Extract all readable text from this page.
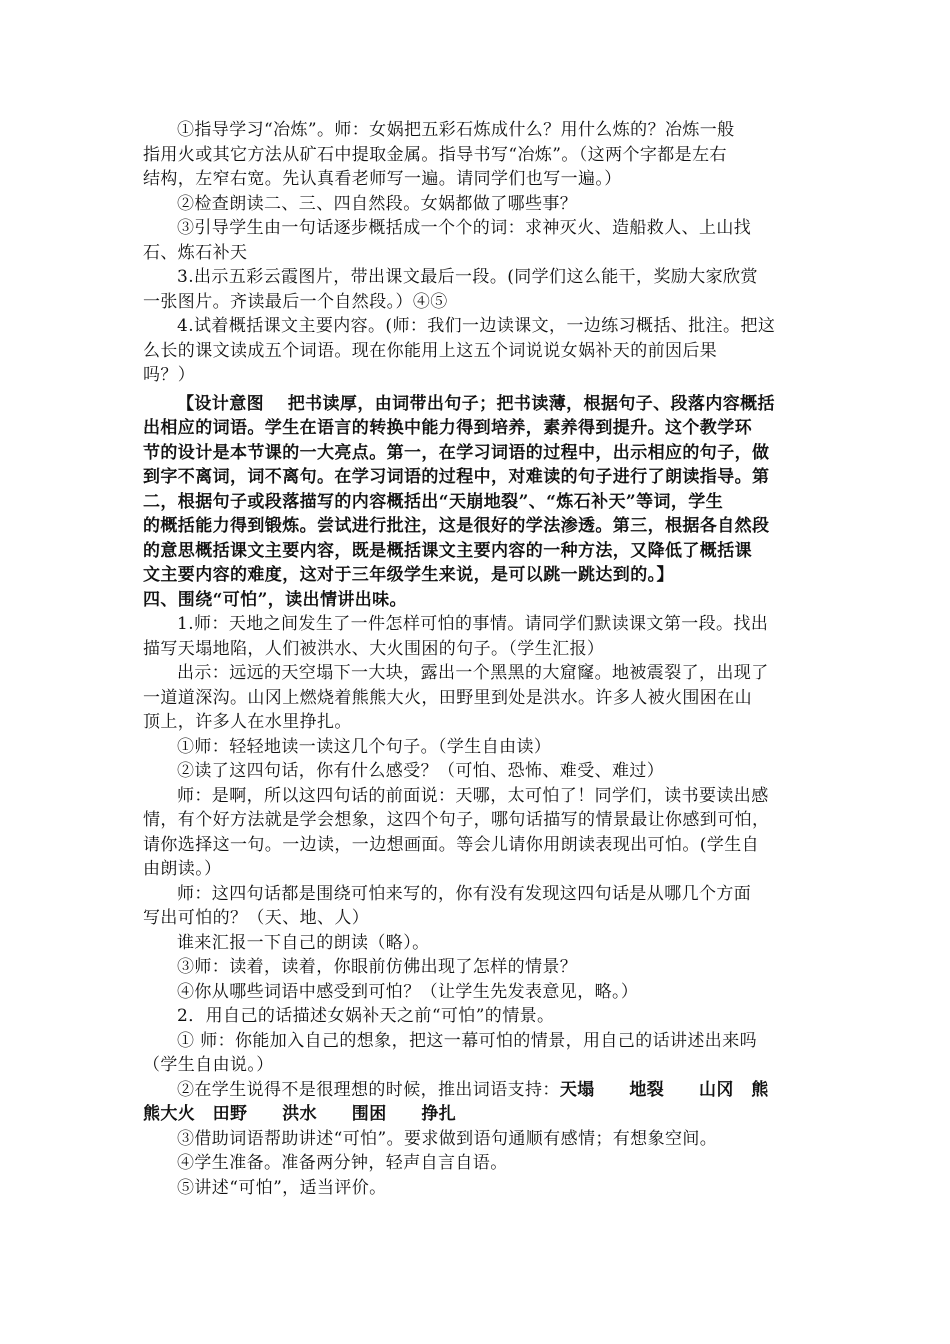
①指导学习“冶炼”。师：女娲把五彩石炼成什么？用什么炼的？冶炼一般
指用火或其它方法从矿石中提取金属。指导书写“冶炼”。（这两个字都是左右
结构，左窄右宽。先认真看老师写一遍。请同学们也写一遍。）
②检查朗读二、三、四自然段。女娲都做了哪些事？
③引导学生由一句话逐步概括成一个个的词：求神灭火、造船救人、上山找
石、炼石补天
3.出示五彩云霞图片，带出课文最后一段。(同学们这么能干，奖励大家欣赏
一张图片。齐读最后一个自然段。）④⑤
4.试着概括课文主要内容。(师：我们一边读课文，一边练习概括、批注。把这
么长的课文读成五个词语。现在你能用上这五个词说说女娲补天的前因后果
吗？）
【设计意图　 把书读厚，由词带出句子；把书读薄，根据句子、段落内容概括
出相应的词语。学生在语言的转换中能力得到培养，素养得到提升。这个教学环
节的设计是本节课的一大亮点。第一，在学习词语的过程中，出示相应的句子，做
到字不离词，词不离句。在学习词语的过程中，对难读的句子进行了朗读指导。第
二，根据句子或段落描写的内容概括出“天崩地裂”、“炼石补天”等词，学生
的概括能力得到锻炼。尝试进行批注，这是很好的学法渗透。第三，根据各自然段
的意思概括课文主要内容，既是概括课文主要内容的一种方法，又降低了概括课
文主要内容的难度，这对于三年级学生来说，是可以跳一跳达到的。】
四、围绕“可怕”，读出情讲出味。
1.师：天地之间发生了一件怎样可怕的事情。请同学们默读课文第一段。找出
描写天塌地陷，人们被洪水、大火围困的句子。（学生汇报）
出示：远远的天空塌下一大块，露出一个黑黑的大窟窿。地被震裂了，出现了
一道道深沟。山冈上燃烧着熊熊大火，田野里到处是洪水。许多人被火围困在山
顶上，许多人在水里挣扎。
①师：轻轻地读一读这几个句子。（学生自由读）
②读了这四句话，你有什么感受？（可怕、恐怖、难受、难过）
师：是啊，所以这四句话的前面说：天哪，太可怕了！同学们，读书要读出感
情，有个好方法就是学会想象，这四个句子，哪句话描写的情景最让你感到可怕，
请你选择这一句。一边读，一边想画面。等会儿请你用朗读表现出可怕。(学生自
由朗读。）
师：这四句话都是围绕可怕来写的，你有没有发现这四句话是从哪几个方面
写出可怕的？（天、地、人）
谁来汇报一下自己的朗读（略）。
③师：读着，读着，你眼前仿佛出现了怎样的情景？
④你从哪些词语中感受到可怕？（让学生先发表意见，略。）
2．用自己的话描述女娲补天之前“可怕”的情景。
① 师：你能加入自己的想象，把这一幕可怕的情景，用自己的话讲述出来吗
（学生自由说。）
②在学生说得不是很理想的时候，推出词语支持：天塌　　地裂　　山冈　熊
熊大火　田野　　洪水　　围困　　挣扎
③借助词语帮助讲述“可怕”。要求做到语句通顺有感情；有想象空间。
④学生准备。准备两分钟，轻声自言自语。
⑤讲述“可怕”，适当评价。
